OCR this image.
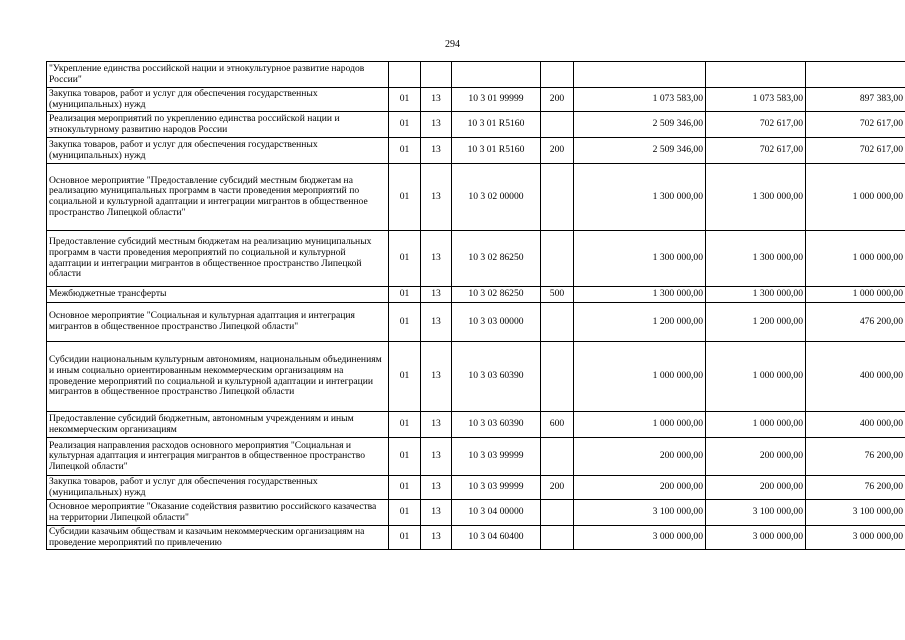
294
"Укрепление единства российской нации и этнокультурное развитие народов России"							
Закупка товаров, работ и услуг для обеспечения государственных (муниципальных) нужд	01	13	10 3 01 99999	200	1 073 583,00	1 073 583,00	897 383,00
Реализация мероприятий по укреплению единства российской нации и этнокультурному развитию народов России	01	13	10 3 01 R5160		2 509 346,00	702 617,00	702 617,00
Закупка товаров, работ и услуг для обеспечения государственных (муниципальных) нужд	01	13	10 3 01 R5160	200	2 509 346,00	702 617,00	702 617,00
Основное мероприятие "Предоставление субсидий местным бюджетам на реализацию муниципальных программ в части проведения мероприятий по социальной и культурной адаптации и интеграции мигрантов в общественное пространство Липецкой области"	01	13	10 3 02 00000		1 300 000,00	1 300 000,00	1 000 000,00
Предоставление субсидий местным бюджетам на реализацию муниципальных программ в части проведения мероприятий по социальной и культурной адаптации и интеграции мигрантов в общественное пространство Липецкой области	01	13	10 3 02 86250		1 300 000,00	1 300 000,00	1 000 000,00
Межбюджетные трансферты	01	13	10 3 02 86250	500	1 300 000,00	1 300 000,00	1 000 000,00
Основное мероприятие "Социальная и культурная адаптация и интеграция мигрантов в общественное пространство Липецкой области"	01	13	10 3 03 00000		1 200 000,00	1 200 000,00	476 200,00
Субсидии национальным культурным автономиям, национальным объединениям и иным социально ориентированным некоммерческим организациям на проведение мероприятий по социальной и культурной адаптации и интеграции мигрантов в общественное пространство Липецкой области	01	13	10 3 03 60390		1 000 000,00	1 000 000,00	400 000,00
Предоставление субсидий бюджетным, автономным учреждениям и иным некоммерческим организациям	01	13	10 3 03 60390	600	1 000 000,00	1 000 000,00	400 000,00
Реализация направления расходов основного мероприятия "Социальная и культурная адаптация и интеграция мигрантов в общественное пространство Липецкой области"	01	13	10 3 03 99999		200 000,00	200 000,00	76 200,00
Закупка товаров, работ и услуг для обеспечения государственных (муниципальных) нужд	01	13	10 3 03 99999	200	200 000,00	200 000,00	76 200,00
Основное мероприятие "Оказание содействия развитию российского казачества на территории Липецкой области"	01	13	10 3 04 00000		3 100 000,00	3 100 000,00	3 100 000,00
Субсидии казачьим обществам и казачьим некоммерческим организациям на проведение мероприятий по привлечению	01	13	10 3 04 60400		3 000 000,00	3 000 000,00	3 000 000,00
